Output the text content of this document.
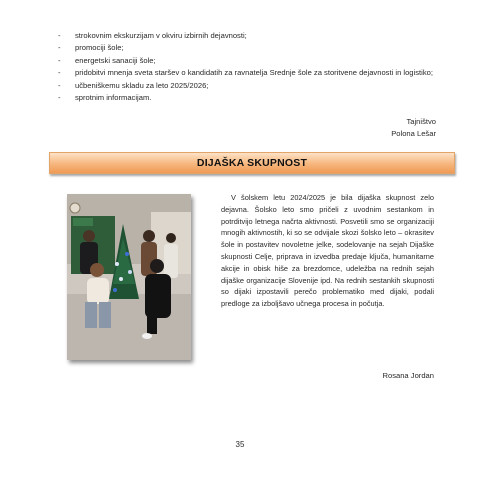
- strokovnim ekskurzijam v okviru izbirnih dejavnosti;
- promociji šole;
- energetski sanaciji šole;
- pridobitvi mnenja sveta staršev o kandidatih za ravnatelja Srednje šole za storitvene dejavnosti in logistiko;
- učbeniškemu skladu za leto 2025/2026;
- sprotnim informacijam.
Tajništvo
Polona Lešar
DIJAŠKA SKUPNOST

V šolskem letu 2024/2025 je bila dijaška skupnost zelo dejavna. Šolsko leto smo pričeli z uvodnim sestankom in potrditvijo letnega načrta aktivnosti. Posvetili smo se organizaciji mnogih aktivnostih, ki so se odvijale skozi šolsko leto – okrasitev šole in postavitev novoletne jelke, sodelovanje na sejah Dijaške skupnosti Celje, priprava in izvedba predaje ključa, humanitarne akcije in obisk hiše za brezdomce, udeležba na rednih sejah dijaške organizacije Slovenije ipd. Na rednih sestankih skupnosti so dijaki izpostavili perečo problematiko med dijaki, podali predloge za izboljšavo učnega procesa in počutja.

Rosana Jordan
35
